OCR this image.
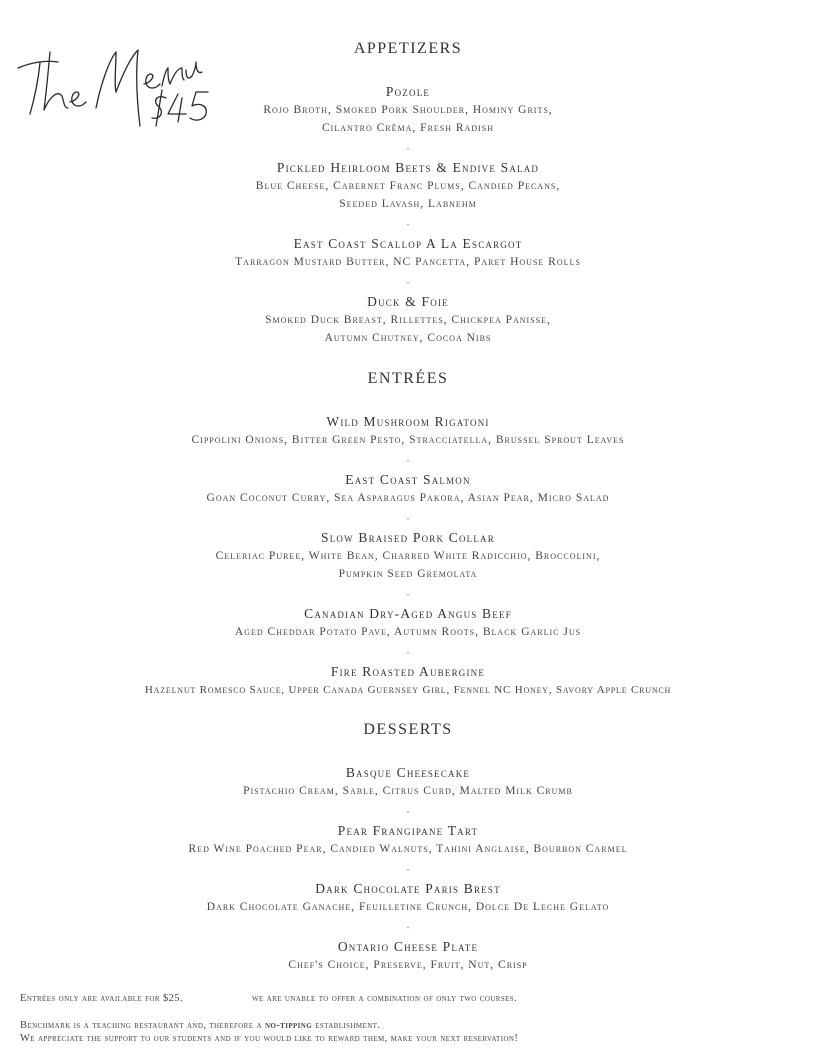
APPETIZERS
Pozole
Rojo Broth, Smoked Pork Shoulder, Hominy Grits,
Cilantro Crêma, Fresh Radish
-
Pickled Heirloom Beets & Endive Salad
Blue Cheese, Cabernet Franc Plums, Candied Pecans,
Seeded Lavash, Labnehm
-
East Coast Scallop A La Escargot
Tarragon Mustard Butter, NC Pancetta, Paret House Rolls
-
Duck & Foie
Smoked Duck Breast, Rillettes, Chickpea Panisse,
Autumn Chutney, Cocoa Nibs
ENTRÉES
Wild Mushroom Rigatoni
Cippolini Onions, Bitter Green Pesto, Stracciatella, Brussel Sprout Leaves
-
East Coast Salmon
Goan Coconut Curry, Sea Asparagus Pakora, Asian Pear, Micro Salad
-
Slow Braised Pork Collar
Celeriac Puree, White Bean, Charred White Radicchio, Broccolini,
Pumpkin Seed Gremolata
-
Canadian Dry-Aged Angus Beef
Aged Cheddar Potato Pave, Autumn Roots, Black Garlic Jus
-
Fire Roasted Aubergine
Hazelnut Romesco Sauce, Upper Canada Guernsey Girl, Fennel NC Honey, Savory Apple Crunch
DESSERTS
Basque Cheesecake
Pistachio Cream, Sable, Citrus Curd, Malted Milk Crumb
-
Pear Frangipane Tart
Red Wine Poached Pear, Candied Walnuts, Tahini Anglaise, Bourbon Carmel
-
Dark Chocolate Paris Brest
Dark Chocolate Ganache, Feuilletine Crunch, Dolce De Leche Gelato
-
Ontario Cheese Plate
Chef's Choice, Preserve, Fruit, Nut, Crisp
Entrées only are available for $25.	we are unable to offer a combination of only two courses.
Benchmark is a teaching restaurant and, therefore a no-tipping establishment.
We appreciate the support to our students and if you would like to reward them, make your next reservation!
